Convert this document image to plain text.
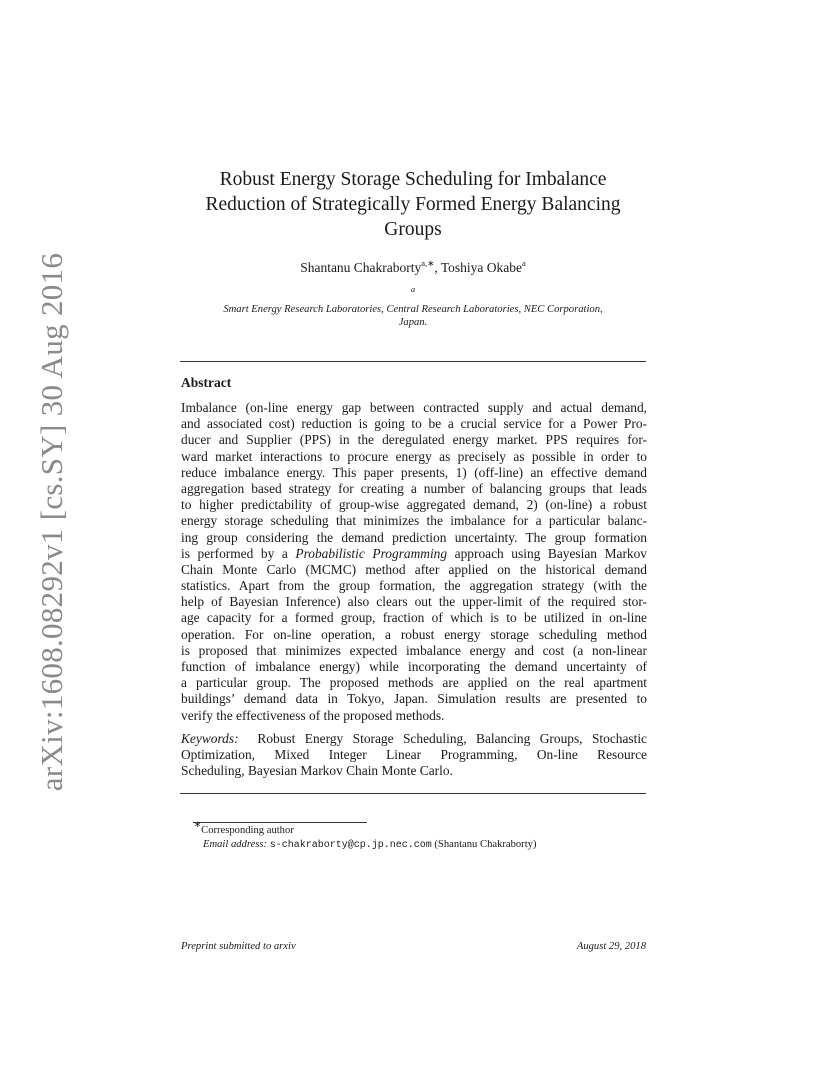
arXiv:1608.08292v1 [cs.SY] 30 Aug 2016
Robust Energy Storage Scheduling for Imbalance
Reduction of Strategically Formed Energy Balancing
Groups
Shantanu Chakraborty$^{a,∗}$, Toshiya Okabe$^a$
$^a$
Smart Energy Research Laboratories, Central Research Laboratories, NEC Corporation,
Japan.
Abstract
Imbalance (on-line energy gap between contracted supply and actual demand,
and associated cost) reduction is going to be a crucial service for a Power Pro-
ducer and Supplier (PPS) in the deregulated energy market. PPS requires for-
ward market interactions to procure energy as precisely as possible in order to
reduce imbalance energy. This paper presents, 1) (off-line) an effective demand
aggregation based strategy for creating a number of balancing groups that leads
to higher predictability of group-wise aggregated demand, 2) (on-line) a robust
energy storage scheduling that minimizes the imbalance for a particular balanc-
ing group considering the demand prediction uncertainty. The group formation
is performed by a Probabilistic Programming approach using Bayesian Markov
Chain Monte Carlo (MCMC) method after applied on the historical demand
statistics. Apart from the group formation, the aggregation strategy (with the
help of Bayesian Inference) also clears out the upper-limit of the required stor-
age capacity for a formed group, fraction of which is to be utilized in on-line
operation. For on-line operation, a robust energy storage scheduling method
is proposed that minimizes expected imbalance energy and cost (a non-linear
function of imbalance energy) while incorporating the demand uncertainty of
a particular group. The proposed methods are applied on the real apartment
buildings’ demand data in Tokyo, Japan. Simulation results are presented to
verify the effectiveness of the proposed methods.
Keywords:  Robust Energy Storage Scheduling, Balancing Groups, Stochastic
Optimization, Mixed Integer Linear Programming, On-line Resource
Scheduling, Bayesian Markov Chain Monte Carlo.
∗Corresponding author
Email address: s-chakraborty@cp.jp.nec.com (Shantanu Chakraborty)
Preprint submitted to arxiv	August 29, 2018
